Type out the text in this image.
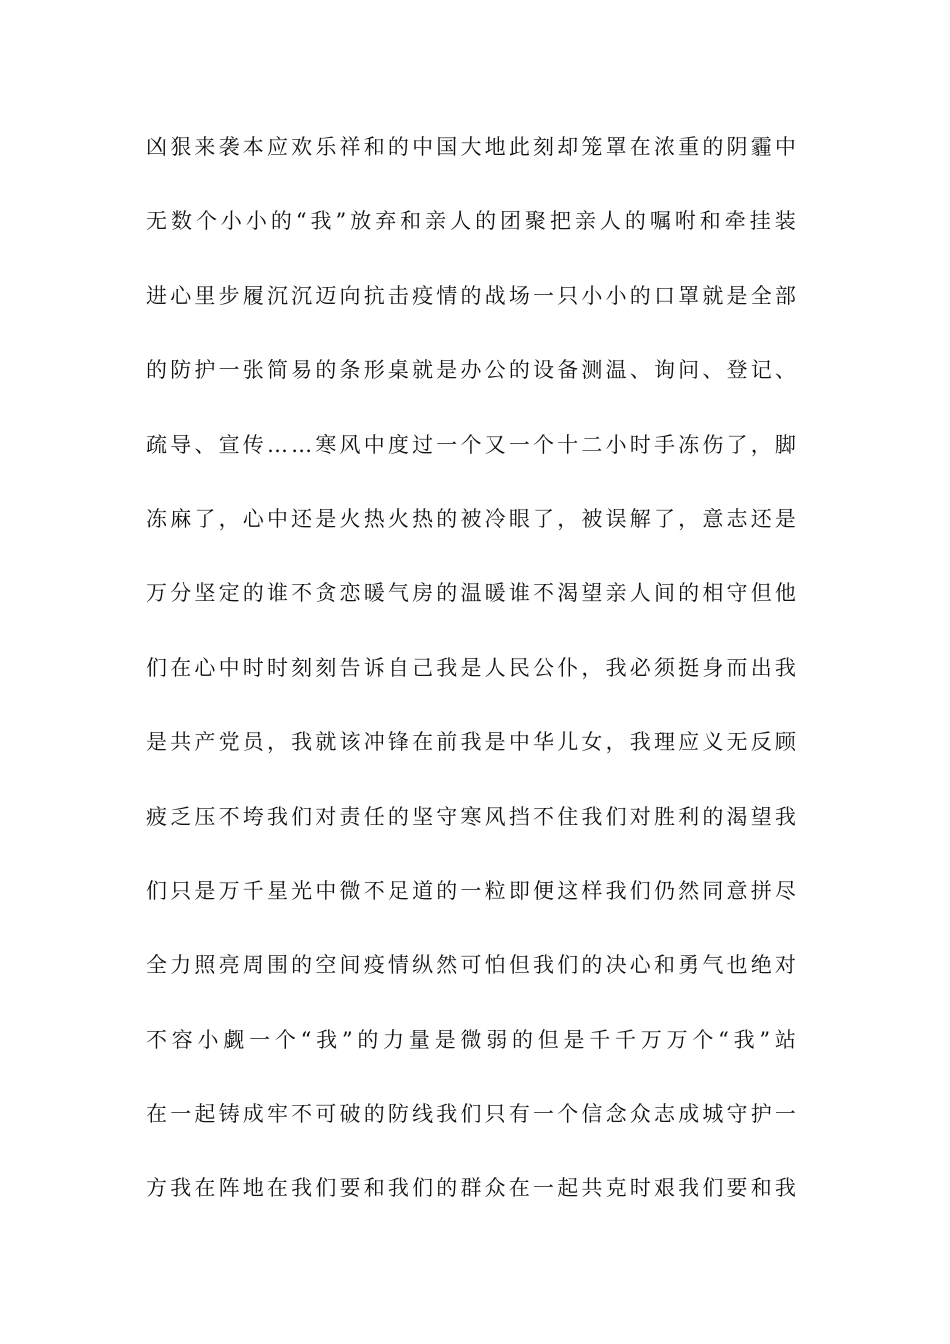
凶 狠 来 袭 本 应 欢 乐 祥 和 的 中 国 大 地 此 刻 却 笼 罩 在 浓 重 的 阴 霾 中
无 数 个 小 小 的 “ 我 ” 放 弃 和 亲 人 的 团 聚 把 亲 人 的 嘱 咐 和 牵 挂 装
进 心 里 步 履 沉 沉 迈 向 抗 击 疫 情 的 战 场 一 只 小 小 的 口 罩 就 是 全 部
的 防 护 一 张 简 易 的 条 形 桌 就 是 办 公 的 设 备 测 温 、 询 问 、 登 记 、
疏 导 、 宣 传 … … 寒 风 中 度 过 一 个 又 一 个 十 二 小 时 手 冻 伤 了 ， 脚
冻 麻 了 ， 心 中 还 是 火 热 火 热 的 被 冷 眼 了 ， 被 误 解 了 ， 意 志 还 是
万 分 坚 定 的 谁 不 贪 恋 暖 气 房 的 温 暖 谁 不 渴 望 亲 人 间 的 相 守 但 他
们 在 心 中 时 时 刻 刻 告 诉 自 己 我 是 人 民 公 仆 ， 我 必 须 挺 身 而 出 我
是 共 产 党 员 ， 我 就 该 冲 锋 在 前 我 是 中 华 儿 女 ， 我 理 应 义 无 反 顾
疲 乏 压 不 垮 我 们 对 责 任 的 坚 守 寒 风 挡 不 住 我 们 对 胜 利 的 渴 望 我
们 只 是 万 千 星 光 中 微 不 足 道 的 一 粒 即 便 这 样 我 们 仍 然 同 意 拼 尽
全 力 照 亮 周 围 的 空 间 疫 情 纵 然 可 怕 但 我 们 的 决 心 和 勇 气 也 绝 对
不 容 小 觑 一 个 “ 我 ” 的 力 量 是 微 弱 的 但 是 千 千 万 万 个 “ 我 ” 站
在 一 起 铸 成 牢 不 可 破 的 防 线 我 们 只 有 一 个 信 念 众 志 成 城 守 护 一
方 我 在 阵 地 在 我 们 要 和 我 们 的 群 众 在 一 起 共 克 时 艰 我 们 要 和 我
